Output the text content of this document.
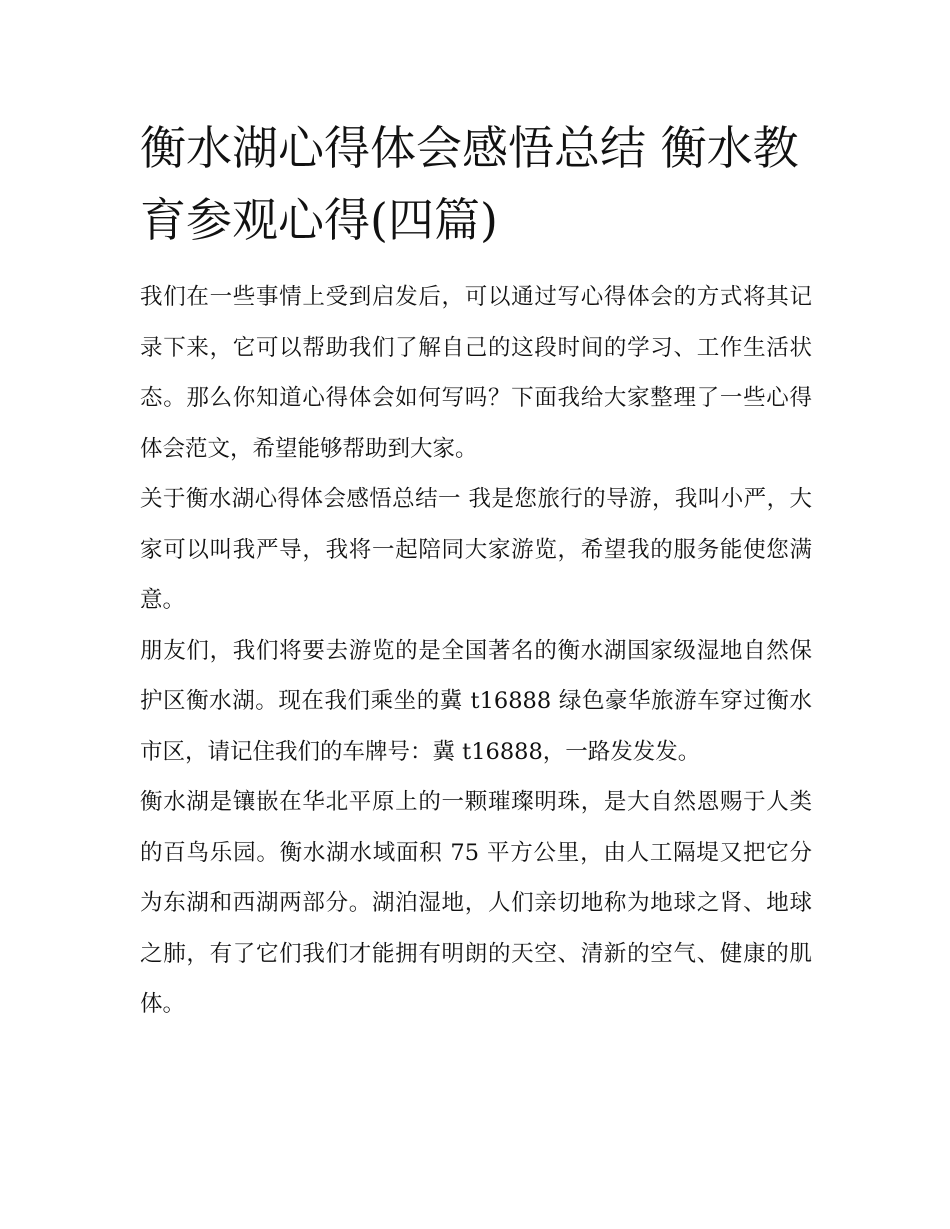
衡水湖心得体会感悟总结 衡水教育参观心得(四篇)

我们在一些事情上受到启发后，可以通过写心得体会的方式将其记录下来，它可以帮助我们了解自己的这段时间的学习、工作生活状态。那么你知道心得体会如何写吗？下面我给大家整理了一些心得体会范文，希望能够帮助到大家。

关于衡水湖心得体会感悟总结一 我是您旅行的导游，我叫小严，大家可以叫我严导，我将一起陪同大家游览，希望我的服务能使您满意。

朋友们，我们将要去游览的是全国著名的衡水湖国家级湿地自然保护区衡水湖。现在我们乘坐的冀 t16888 绿色豪华旅游车穿过衡水市区，请记住我们的车牌号：冀 t16888，一路发发发。

衡水湖是镶嵌在华北平原上的一颗璀璨明珠，是大自然恩赐于人类的百鸟乐园。衡水湖水域面积 75 平方公里，由人工隔堤又把它分为东湖和西湖两部分。湖泊湿地，人们亲切地称为地球之肾、地球之肺，有了它们我们才能拥有明朗的天空、清新的空气、健康的肌体。
